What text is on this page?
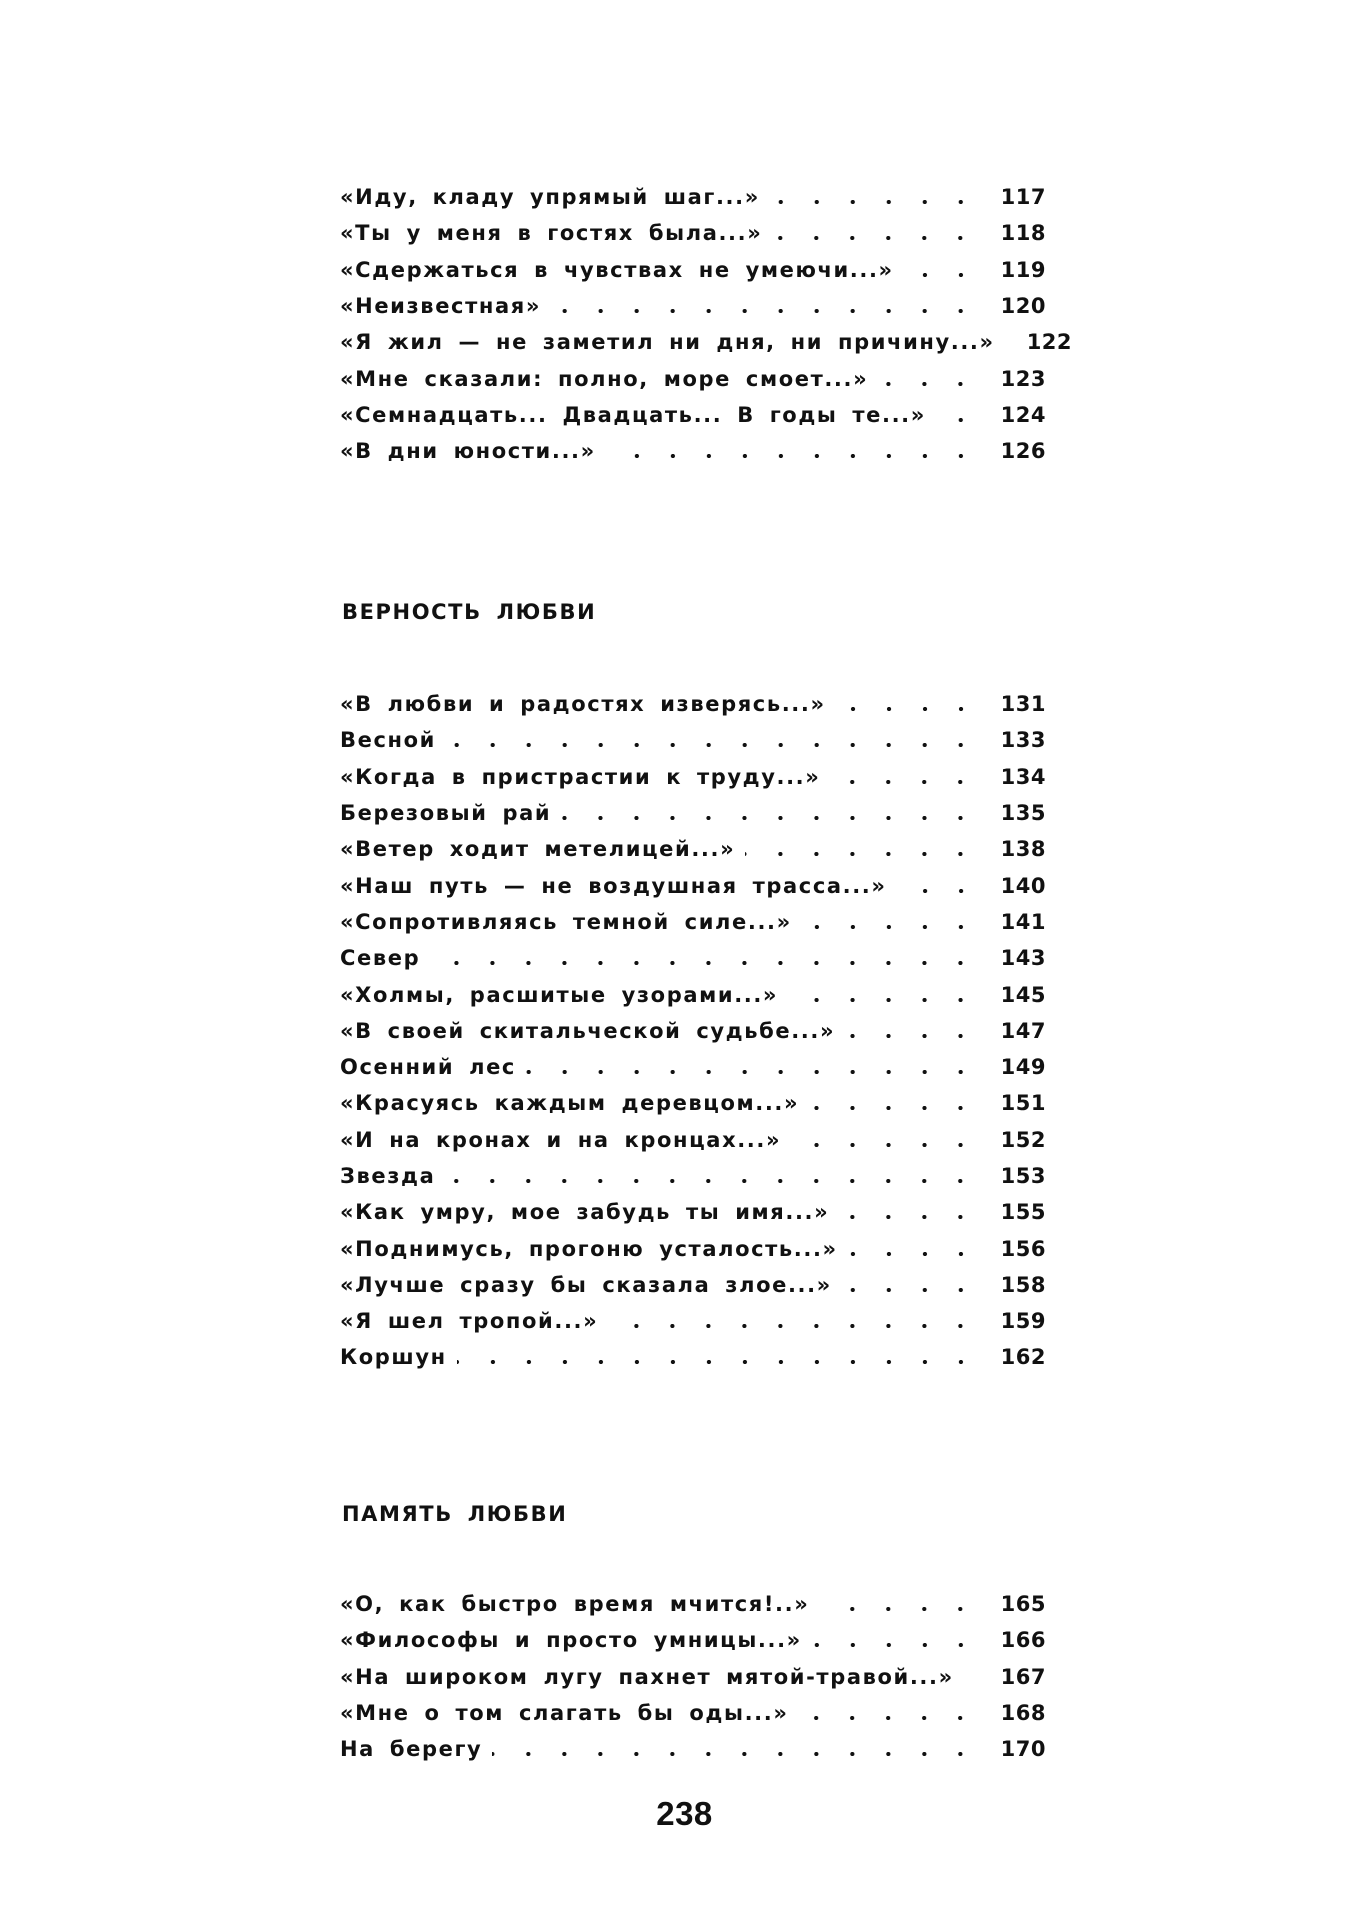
«Иду, кладу упрямый шаг...»	117
«Ты у меня в гостях была...»	118
«Сдержаться в чувствах не умеючи...»	119
«Неизвестная»	120
«Я жил — не заметил ни дня, ни причину...» 122
«Мне сказали: полно, море смоет...»	123
«Семнадцать... Двадцать... В годы те...»	124
«В дни юности...»	126
ВЕРНОСТЬ ЛЮБВИ
«В любви и радостях изверясь...»	131
Весной	133
«Когда в пристрастии к труду...»	134
Березовый рай	135
«Ветер ходит метелицей...»	138
«Наш путь — не воздушная трасса...»	140
«Сопротивляясь темной силе...»	141
Север	143
«Холмы, расшитые узорами...»	145
«В своей скитальческой судьбе...»	147
Осенний лес	149
«Красуясь каждым деревцом...»	151
«И на кронах и на кронцах...»	152
Звезда	153
«Как умру, мое забудь ты имя...»	155
«Поднимусь, прогоню усталость...»	156
«Лучше сразу бы сказала злое...»	158
«Я шел тропой...»	159
Коршун	162
ПАМЯТЬ ЛЮБВИ
«О, как быстро время мчится!..»	165
«Философы и просто умницы...»	166
«На широком лугу пахнет мятой-травой...» 167
«Мне о том слагать бы оды...»	168
На берегу	170
238
